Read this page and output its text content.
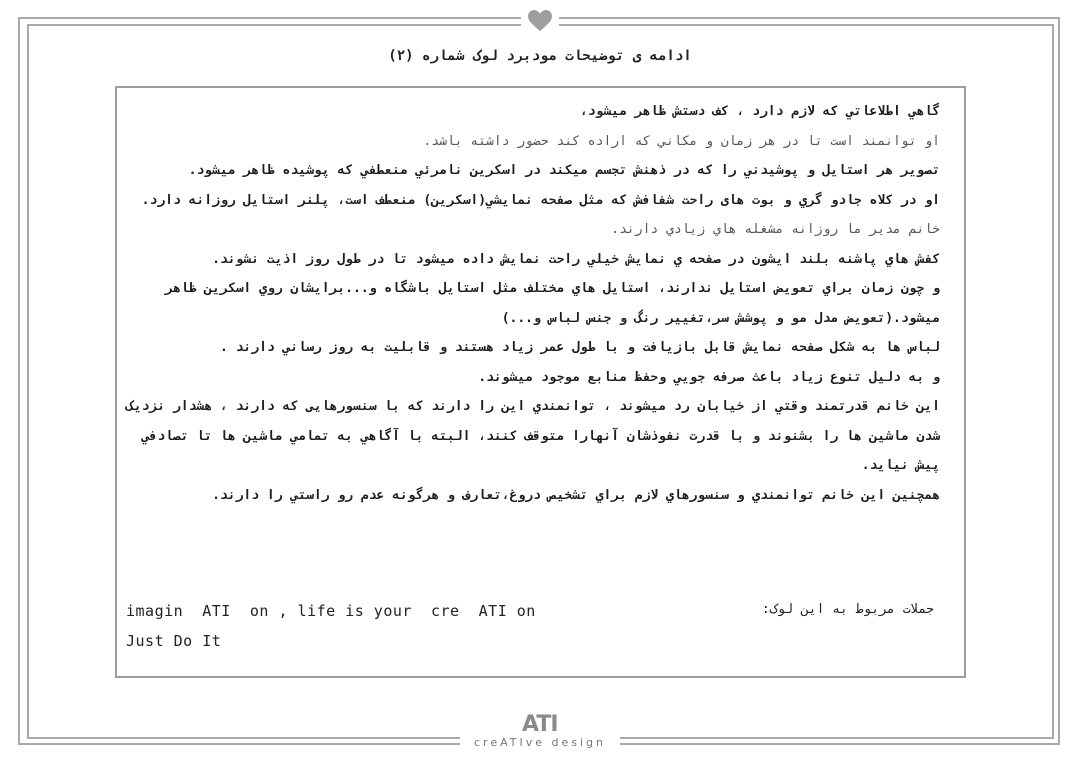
ادامه ی توضیحات مودبرد لوک شماره (٢)

گاهي اطلاعاتي كه لازم دارد ، كف دستش ظاهر ميشود،

او توانمند است تا در هر زمان و مكاني كه اراده كند حضور داشته باشد.

تصوير هر استايل و پوشيدني را كه در ذهنش تجسم ميكند در اسكرين نامرئي منعطفي كه پوشيده ظاهر ميشود.

او در كلاه جادو گري و بوت هاى راحت شفافش كه مثل صفحه نمايشي(اسكرين) منعطف است، پلنر استايل روزانه دارد.

خانم مدير ما روزانه مشغله هاي زيادي دارند.

كفش هاي پاشنه بلند ايشون در صفحه ي نمايش خيلي راحت نمايش داده ميشود تا در طول روز اذيت نشوند.

و چون زمان براي تعويض استايل ندارند، استايل هاي مختلف مثل استايل باشگاه و...برايشان روي اسكرين ظاهر ميشود.(تعويض مدل مو و پوشش سر،تغيير رنگ و جنس لباس و...)

لباس ها به شكل صفحه نمايش قابل بازيافت و با طول عمر زياد هستند و قابليت به روز رساني دارند .

و به دليل تنوع زياد باعث صرفه جويي وحفظ منابع موجود ميشوند.

اين خانم قدرتمند وقتي از خيابان رد ميشوند ، توانمندي اين را دارند كه با سنسورهایی كه دارند ، هشدار نزديک شدن ماشين ها را بشنوند و با قدرت نفوذشان آنهارا متوقف كنند، البته با آگاهي به تمامي ماشين ها تا تصادفي پيش نيايد.

همچنين اين خانم توانمندي و سنسورهاي لازم براي تشخيص دروغ،تعارف و هرگونه عدم رو راستي را دارند.

جملات مربوط به اين لوک:
imagin  ATI  on , life is your  cre  ATI on
Just Do It
ATI
creATIve design
